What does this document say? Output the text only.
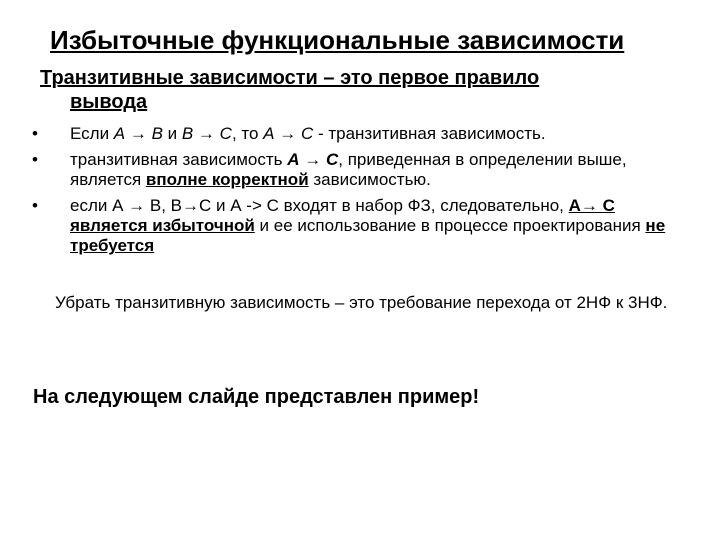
Избыточные функциональные зависимости
Транзитивные зависимости – это первое правило
вывода
• Если А → В и В → С, то А → С - транзитивная зависимость.
• транзитивная зависимость А → С, приведенная в определении выше, является вполне корректной зависимостью.
• если А → В, В→С и А -> С входят в набор ФЗ, следовательно, А→ С является избыточной и ее использование в процессе проектирования не требуется

Убрать транзитивную зависимость – это требование перехода от 2НФ к 3НФ.

На следующем слайде представлен пример!
